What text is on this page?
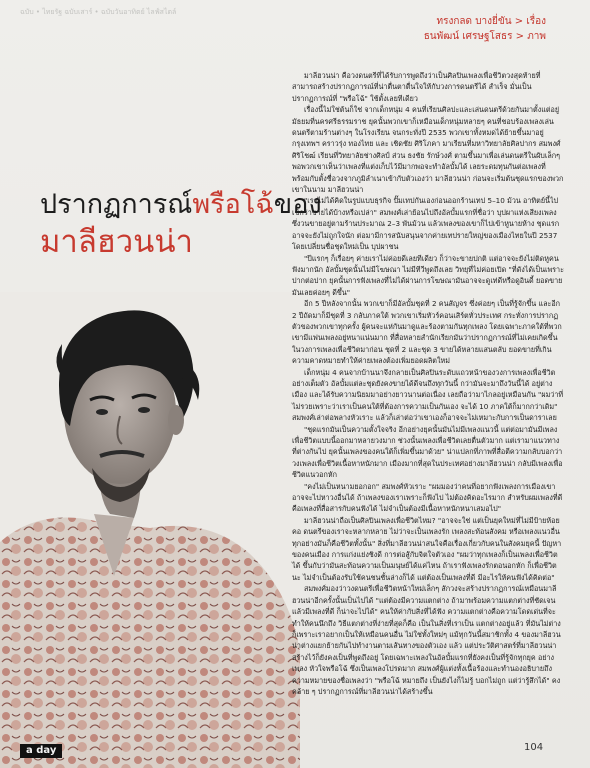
ฉบับ • ไทยรัฐ ฉบับเสาร์ • ฉบับวันอาทิตย์ ไลฟ์สไตล์
ทรงกลด บางยี่ขัน > เรื่อง
ธนพัฒน์ เศรษฐโสธร > ภาพ
ปรากฏการณ์พรือโฉ้ของ
มาลีฮวนน่า

มาลีฮวนน่า คือวงดนตรีที่ได้รับการพูดถึงว่าเป็นศิลปินเพลงเพื่อชีวิตวงสุดท้ายที่สามารถสร้างปรากฏการณ์ที่น่าตื่นตาตื่นใจให้กับวงการดนตรีได้ สำเร็จ มั่นเป็นปรากฏการณ์ที่ "พรือโฉ้" ใช้ตั้งเลยทีเดียว

เรื่องนี้ไม่ใช่ต้นก็ใช่ จากเด็กหนุ่ม 4 คนที่เรียนศิลปะและเล่นดนตรีด้วยกันมาตั้งแต่อยู่มัธยมที่นครศรีธรรมราช ยุคนั้นพวกเขาก็เหมือนเด็กหนุ่มหลายๆ คนที่ชอบร้องเพลงเล่นดนตรีตามร้านต่างๆ ในโรงเรียน จนกระทั่งปี 2535 พวกเขาทั้งหมดได้ย้ายขึ้นมาอยู่กรุงเทพฯ คราวรุ่ง ทองไทย และ เชิดชัย ศิริโภคา มาเรียนที่มหาวิทยาลัยศิลปากร สมพงศ์ ศิริโชฒ์ เรียนที่วิทยาลัยช่างศิลป์ ส่วน ธงชัย รักษ์วงศ์ ตามขึ้นมาเพื่อเล่นดนตรีในผับเล็กๆ พอพวกเขาเห็นว่าเพลงที่แต่งเก็บไว้มีมากพอจะทำอัลบั้มได้ เลยระดมทุนกันต่อเพลงที่ พร้อมกับตั้งชื่อวงจากภูมิลำเนาเข้ากับตัวเองว่า มาลีฮวนน่า ก่อนจะเริ่มต้นชุดแรกของพวกเขาในนาม มาลีฮวนน่า

"เราไม่ได้คิดในรูปแบบธุรกิจ ปั๊มเทปกันเองก่อนออกร้านเทป 5–10 ม้วน อาทิตย์นี้ไปเช็กว่าขายได้บ้างหรือเปล่า" สมพงศ์เล่าย้อนไปถึงอัลบั้มแรกที่ชื่อว่า บุปผาแห่งเสียงเพลง ซึ่งวนขายอยู่ตามร้านประมาณ 2–3 พันม้วน แล้วเพลงของเขาก็ไปเข้าหูนายห้าง ชุดแรกอาจจะยังไม่ถูกใจนัก ต่อมามีการสนับสนุนจากค่ายเทปรายใหญ่ของเมืองไทยในปี 2537 โดยเปลี่ยนชื่อชุดใหม่เป็น บุปผาชน

"ปีแรกๆ ก็เรื่อยๆ ค่ายเราไม่ค่อยดีเลยทีเดียว ก็ว่าจะขายปกติ แต่อาจจะยังไม่ติดหูคนฟังมากนัก อัลบั้มชุดนั้นไม่มีโฆษณา ไม่มีทีวีพูดถึงเลย วิทยุที่ไม่ค่อยเปิด "ที่ดังได้เป็นเพราะปากต่อปาก ยุคนั้นการฟังเพลงที่ไม่ได้ผ่านการโฆษณามันอาจจะดูเท่ดีหรือดูอินดี้ ยอดขายมันเลยค่อยๆ ดีขึ้น"

อีก 5 ปีหลังจากนั้น พวกเขาก็มีอัลบั้มชุดที่ 2 คนสัญจร ซึ่งค่อยๆ เป็นที่รู้จักขึ้น และอีก 2 ปีถัดมาก็มีชุดที่ 3 กลับภาคใต้ พวกเขาเริ่มทัวร์คอนเสิร์ตทั่วประเทศ กระทั่งการปรากฏตัวของพวกเขาทุกครั้ง ผู้คนจะแห่กันมาดูและร้องตามกันทุกเพลง โดยเฉพาะภาคใต้ที่พวกเขามีแฟนเพลงอยู่หนาแน่นมาก ที่สื่อหลายสำนักเรียกมันว่าปรากฏการณ์ที่ไม่เคยเกิดขึ้นในวงการเพลงเพื่อชีวิตมาก่อน ชุดที่ 2 และชุด 3 ขายได้หลายแสนตลับ ยอดขายที่เกินความคาดหมายทำให้ค่ายเพลงต้องเพิ่มยอดผลิตใหม่

เด็กหนุ่ม 4 คนจากบ้านนาจึงกลายเป็นศิลปินระดับแถวหน้าของวงการเพลงเพื่อชีวิตอย่างเต็มตัว อัลบั้มแต่ละชุดยังคงขายได้ดีจนถึงทุกวันนี้ กว่ามันจะมาถึงวันนี้ได้ อยู่ต่างเมือง และได้รับความนิยมมาอย่างยาวนานต่อเนื่อง เลยถือว่ามาไกลอยู่เหมือนกัน "ผมว่าที่ไม่รวยเพราะว่าเราเป็นคนใต้ที่ต้องการความเป็นกันเอง จะได้ 10 ภาคใต้ก็มากกว่าเดิม" สมพงศ์เล่าต่อพลางหัวเราะ แล้วก็เล่าต่อว่าเขาเองก็อาจจะไม่เหมาะกับการเป็นดาราเลย

"ชุดแรกมันเป็นความตั้งใจจริง อีกอย่างยุคนั้นมันไม่มีเพลงแนวนี้ แต่ต่อมามันมีเพลงเพื่อชีวิตแบบนี้ออกมาหลายวงมาก ช่วงนั้นเพลงเพื่อชีวิตเลยตื่นตัวมาก แต่เรามาแนวทางที่ต่างกันไป ยุคนั้นเพลงของคนใต้ก็เพิ่มขึ้นมาด้วย" น่าแปลกที่ภาพที่สื่อตีความกลับบอกว่าวงเพลงเพื่อชีวิตเนื้อหาหนักมาก เมืองมากที่สุดในประเทศอย่างมาลีฮวนน่า กลับมีเพลงเพื่อชีวิตแนวอกหัก

"คงไม่เป็นหนามยอกอก" สมพงศ์หัวเราะ "ผมมองว่าคนที่อยากฟังเพลงการเมืองเขาอาจจะไปหาวงอื่นได้ ถ้าเพลงของเราเพราะก็ฟังไป ไม่ต้องคิดอะไรมาก สำหรับผมเพลงที่ดีคือเพลงที่สื่อสารกับคนฟังได้ ไม่จำเป็นต้องมีเนื้อหาหนักหนาเสมอไป"

มาลีฮวนน่าถือเป็นศิลปินเพลงเพื่อชีวิตไหม? "อาจจะใช่ แต่เป็นยุคใหม่ที่ไม่มีป้ายห้อยคอ ดนตรีของเราจะหลากหลาย ไม่ว่าจะเป็นเพลงรัก เพลงสะท้อนสังคม หรือเพลงแนวอื่น ทุกอย่างมันก็คือชีวิตทั้งนั้น" สิ่งที่มาลีฮวนน่าสนใจคือเรื่องเกี่ยวกับคนในสังคมยุคนี้ ปัญหาของคนเมือง การแก่งแย่งชิงดี การต่อสู้กับจิตใจตัวเอง "ผมว่าทุกเพลงก็เป็นเพลงเพื่อชีวิตได้ ขึ้นกับว่ามันสะท้อนความเป็นมนุษย์ได้แค่ไหน ถ้าเราฟังเพลงรักตอนอกหัก ก็เพื่อชีวิตนะ ไม่จำเป็นต้องรับใช้คนชนชั้นล่างก็ได้ แต่ต้องเป็นเพลงที่ดี มีอะไรให้คนฟังได้คิดต่อ"

สมพงศ์มองว่าวงดนตรีเพื่อชีวิตหน้าใหม่เล็กๆ สักวงจะสร้างปรากฏการณ์เหมือนมาลีฮวนน่าอีกครั้งนั้นเป็นไปได้ "แต่ต้องมีความแตกต่าง ถ้ามาพร้อมความแตกต่างที่ชัดเจน แล้วมีเพลงที่ดี ก็น่าจะไปได้" คนให้ค่ากับสิ่งที่ได้ฟัง ความแตกต่างคือความโดดเด่นที่จะทำให้คนนึกถึง วิธีแตกต่างที่ง่ายที่สุดก็คือ เป็นในสิ่งที่เราเป็น แตกต่างอยู่แล้ว ที่มันไม่ต่างก็เพราะเราอยากเป็นให้เหมือนคนอื่น ไม่ใช่ทั้งใหม่ๆ แม้ทุกวันนี้สมาชิกทั้ง 4 ของมาลีฮวนน่าต่างแยกย้ายกันไปทำงานตามเส้นทางของตัวเอง แล้ว แต่ประวัติศาสตร์ที่มาลีฮวนน่าสร้างไว้ก็ยังคงเป็นที่พูดถึงอยู่ โดยเฉพาะเพลงในอัลบั้มแรกที่ยังคงเป็นที่รู้จักทุกยุค อย่างเพลง หัวใจพรือโฉ้ ซึ่งเป็นเพลงโปรดมาก สมพงศ์ผู้แต่งทั้งเนื้อร้องและทำนองอธิบายถึงความหมายของชื่อเพลงว่า "พรือโฉ้ หมายถึง เป็นยังไงก็ไม่รู้ บอกไม่ถูก แต่ว่ารู้สึกได้" คงคล้าย ๆ ปรากฏการณ์ที่มาลีฮวนน่าได้สร้างขึ้น

a day	104
